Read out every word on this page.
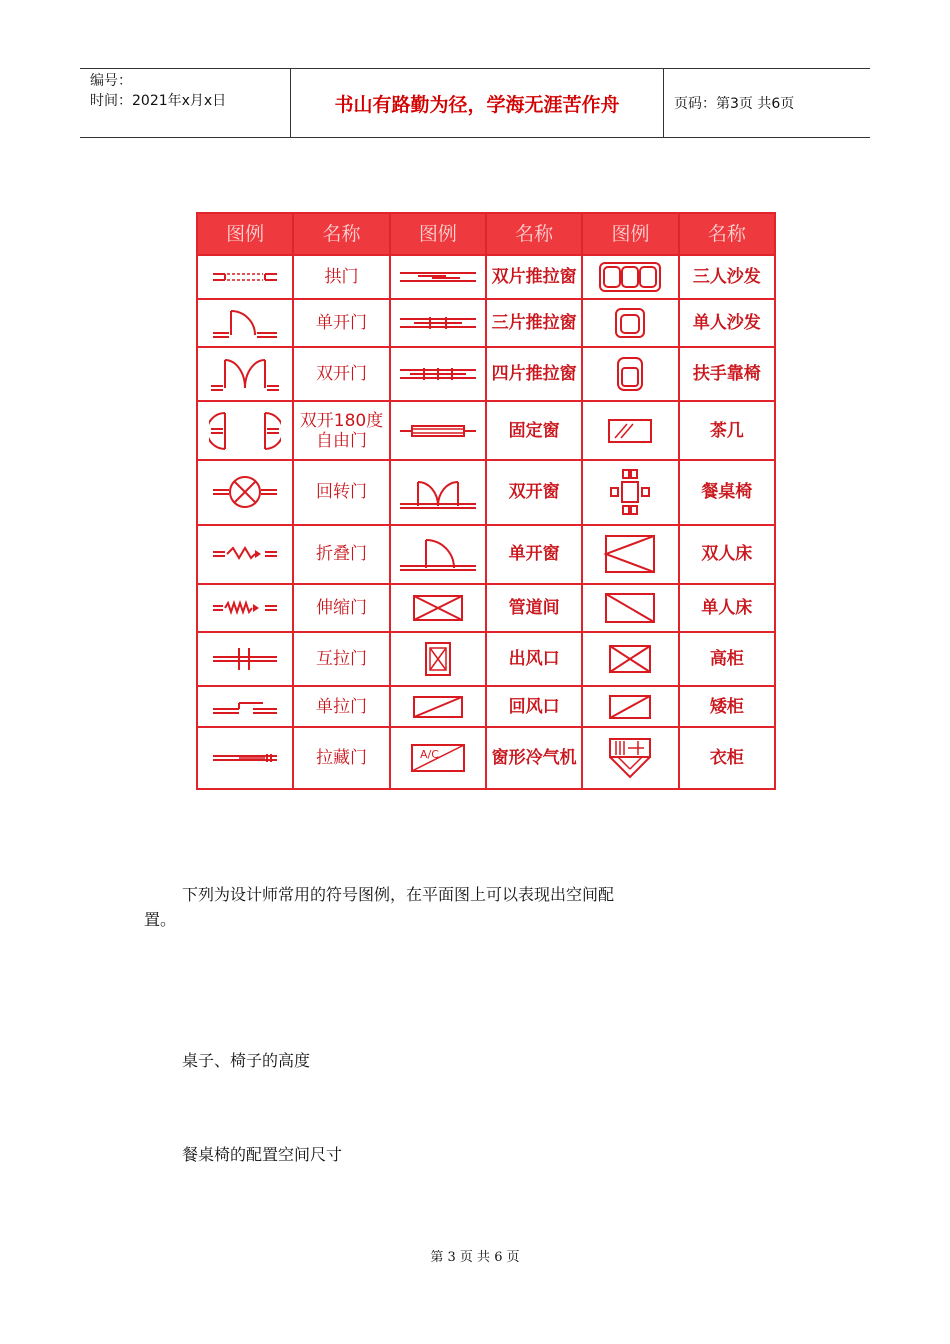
编号：
时间：2021年x月x日	书山有路勤为径，学海无涯苦作舟	页码：第3页 共6页
图例	名称	图例	名称	图例	名称

	拱门		双片推拉窗		三人沙发

	单开门		三片推拉窗		单人沙发

	双开门		四片推拉窗		扶手靠椅

	双开180度自由门		固定窗		茶几

	回转门		双开窗		餐桌椅

	折叠门		单开窗		双人床

	伸缩门		管道间		单人床

	互拉门		出风口		高柜

	单拉门		回风口		矮柜

	拉藏门	A/C	窗形冷气机		衣柜
下列为设计师常用的符号图例，在平面图上可以表现出空间配
置。
桌子、椅子的高度
餐桌椅的配置空间尺寸
第 3 页 共 6 页
